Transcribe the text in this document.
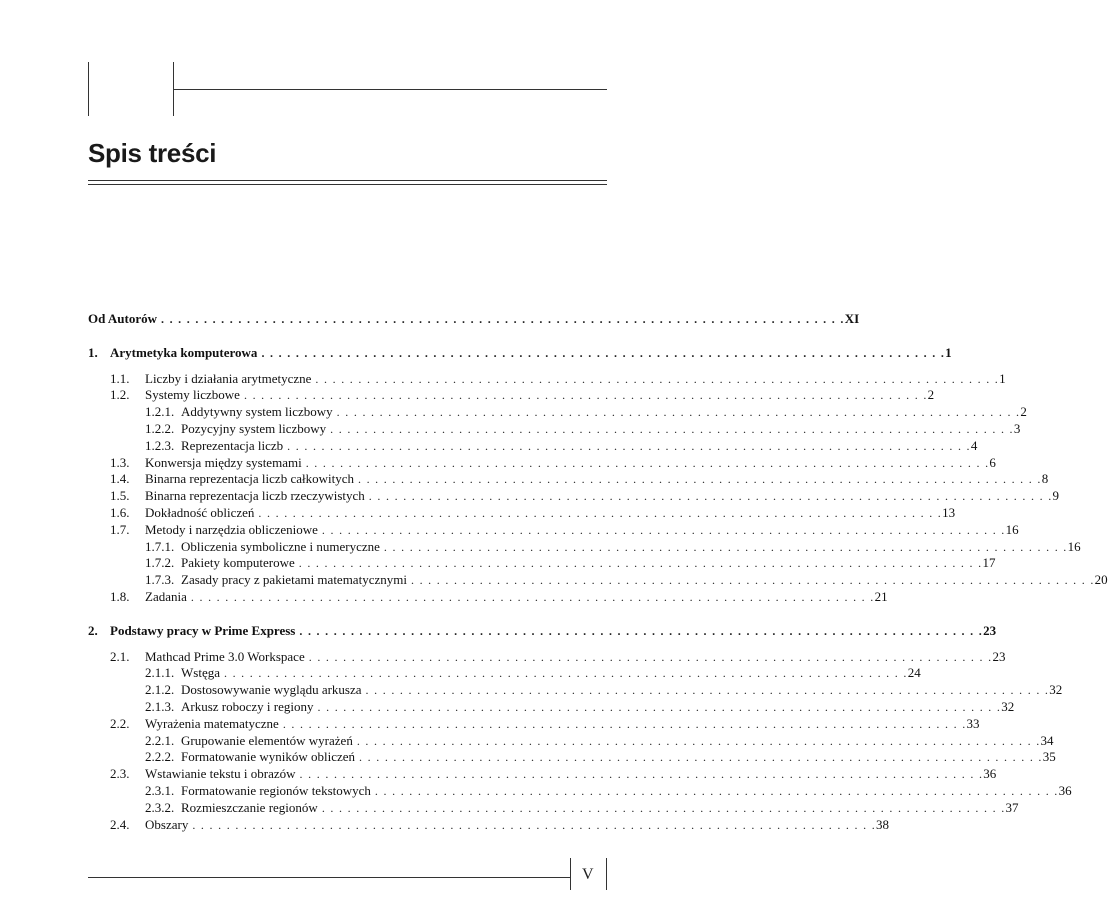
Spis treści
Od Autorów . . . . . . . . . . . . . . . . . . . . . . . . . . . . . . . . . . . . . . . . . . . . . . . . . . . . . . . . . . . . . . . . . . . . . . . . . . . . . . . . XI
1. Arytmetyka komputerowa . . . . . . . . . . . . . . . . . . . . . . . . . . . . . . . . . . . . . . . . . . . . . . . . . . . . . . . . . . . . . . . . . . . . . . . . . . . . . . . . 1
1.1. Liczby i działania arytmetyczne . . . . . . . . . . . . . . . . . . . . . . . . . . . . . . . . . . . . . . . . . . . . . . . . . . . . . . . . . . . . . . . . . . . . . . . . . . . . . . . . 1
1.2. Systemy liczbowe . . . . . . . . . . . . . . . . . . . . . . . . . . . . . . . . . . . . . . . . . . . . . . . . . . . . . . . . . . . . . . . . . . . . . . . . . . . . . . . . 2
1.2.1. Addytywny system liczbowy . . . . . . . . . . . . . . . . . . . . . . . . . . . . . . . . . . . . . . . . . . . . . . . . . . . . . . . . . . . . . . . . . . . . . . . . . . . . . . . . 2
1.2.2. Pozycyjny system liczbowy . . . . . . . . . . . . . . . . . . . . . . . . . . . . . . . . . . . . . . . . . . . . . . . . . . . . . . . . . . . . . . . . . . . . . . . . . . . . . . . . 3
1.2.3. Reprezentacja liczb . . . . . . . . . . . . . . . . . . . . . . . . . . . . . . . . . . . . . . . . . . . . . . . . . . . . . . . . . . . . . . . . . . . . . . . . . . . . . . . . 4
1.3. Konwersja między systemami . . . . . . . . . . . . . . . . . . . . . . . . . . . . . . . . . . . . . . . . . . . . . . . . . . . . . . . . . . . . . . . . . . . . . . . . . . . . . . . . 6
1.4. Binarna reprezentacja liczb całkowitych . . . . . . . . . . . . . . . . . . . . . . . . . . . . . . . . . . . . . . . . . . . . . . . . . . . . . . . . . . . . . . . . . . . . . . . . . . . . . . . . 8
1.5. Binarna reprezentacja liczb rzeczywistych . . . . . . . . . . . . . . . . . . . . . . . . . . . . . . . . . . . . . . . . . . . . . . . . . . . . . . . . . . . . . . . . . . . . . . . . . . . . . . . . 9
1.6. Dokładność obliczeń . . . . . . . . . . . . . . . . . . . . . . . . . . . . . . . . . . . . . . . . . . . . . . . . . . . . . . . . . . . . . . . . . . . . . . . . . . . . . . . . 13
1.7. Metody i narzędzia obliczeniowe . . . . . . . . . . . . . . . . . . . . . . . . . . . . . . . . . . . . . . . . . . . . . . . . . . . . . . . . . . . . . . . . . . . . . . . . . . . . . . . . 16
1.7.1. Obliczenia symboliczne i numeryczne . . . . . . . . . . . . . . . . . . . . . . . . . . . . . . . . . . . . . . . . . . . . . . . . . . . . . . . . . . . . . . . . . . . . . . . . . . . . . . . . 16
1.7.2. Pakiety komputerowe . . . . . . . . . . . . . . . . . . . . . . . . . . . . . . . . . . . . . . . . . . . . . . . . . . . . . . . . . . . . . . . . . . . . . . . . . . . . . . . . 17
1.7.3. Zasady pracy z pakietami matematycznymi . . . . . . . . . . . . . . . . . . . . . . . . . . . . . . . . . . . . . . . . . . . . . . . . . . . . . . . . . . . . . . . . . . . . . . . . . . . . . . . . 20
1.8. Zadania . . . . . . . . . . . . . . . . . . . . . . . . . . . . . . . . . . . . . . . . . . . . . . . . . . . . . . . . . . . . . . . . . . . . . . . . . . . . . . . . 21
2. Podstawy pracy w Prime Express . . . . . . . . . . . . . . . . . . . . . . . . . . . . . . . . . . . . . . . . . . . . . . . . . . . . . . . . . . . . . . . . . . . . . . . . . . . . . . . . 23
2.1. Mathcad Prime 3.0 Workspace . . . . . . . . . . . . . . . . . . . . . . . . . . . . . . . . . . . . . . . . . . . . . . . . . . . . . . . . . . . . . . . . . . . . . . . . . . . . . . . . 23
2.1.1. Wstęga . . . . . . . . . . . . . . . . . . . . . . . . . . . . . . . . . . . . . . . . . . . . . . . . . . . . . . . . . . . . . . . . . . . . . . . . . . . . . . . . 24
2.1.2. Dostosowywanie wyglądu arkusza . . . . . . . . . . . . . . . . . . . . . . . . . . . . . . . . . . . . . . . . . . . . . . . . . . . . . . . . . . . . . . . . . . . . . . . . . . . . . . . . 32
2.1.3. Arkusz roboczy i regiony . . . . . . . . . . . . . . . . . . . . . . . . . . . . . . . . . . . . . . . . . . . . . . . . . . . . . . . . . . . . . . . . . . . . . . . . . . . . . . . . 32
2.2. Wyrażenia matematyczne . . . . . . . . . . . . . . . . . . . . . . . . . . . . . . . . . . . . . . . . . . . . . . . . . . . . . . . . . . . . . . . . . . . . . . . . . . . . . . . . 33
2.2.1. Grupowanie elementów wyrażeń . . . . . . . . . . . . . . . . . . . . . . . . . . . . . . . . . . . . . . . . . . . . . . . . . . . . . . . . . . . . . . . . . . . . . . . . . . . . . . . . 34
2.2.2. Formatowanie wyników obliczeń . . . . . . . . . . . . . . . . . . . . . . . . . . . . . . . . . . . . . . . . . . . . . . . . . . . . . . . . . . . . . . . . . . . . . . . . . . . . . . . . 35
2.3. Wstawianie tekstu i obrazów . . . . . . . . . . . . . . . . . . . . . . . . . . . . . . . . . . . . . . . . . . . . . . . . . . . . . . . . . . . . . . . . . . . . . . . . . . . . . . . . 36
2.3.1. Formatowanie regionów tekstowych . . . . . . . . . . . . . . . . . . . . . . . . . . . . . . . . . . . . . . . . . . . . . . . . . . . . . . . . . . . . . . . . . . . . . . . . . . . . . . . . 36
2.3.2. Rozmieszczanie regionów . . . . . . . . . . . . . . . . . . . . . . . . . . . . . . . . . . . . . . . . . . . . . . . . . . . . . . . . . . . . . . . . . . . . . . . . . . . . . . . . 37
2.4. Obszary . . . . . . . . . . . . . . . . . . . . . . . . . . . . . . . . . . . . . . . . . . . . . . . . . . . . . . . . . . . . . . . . . . . . . . . . . . . . . . . . 38
V
